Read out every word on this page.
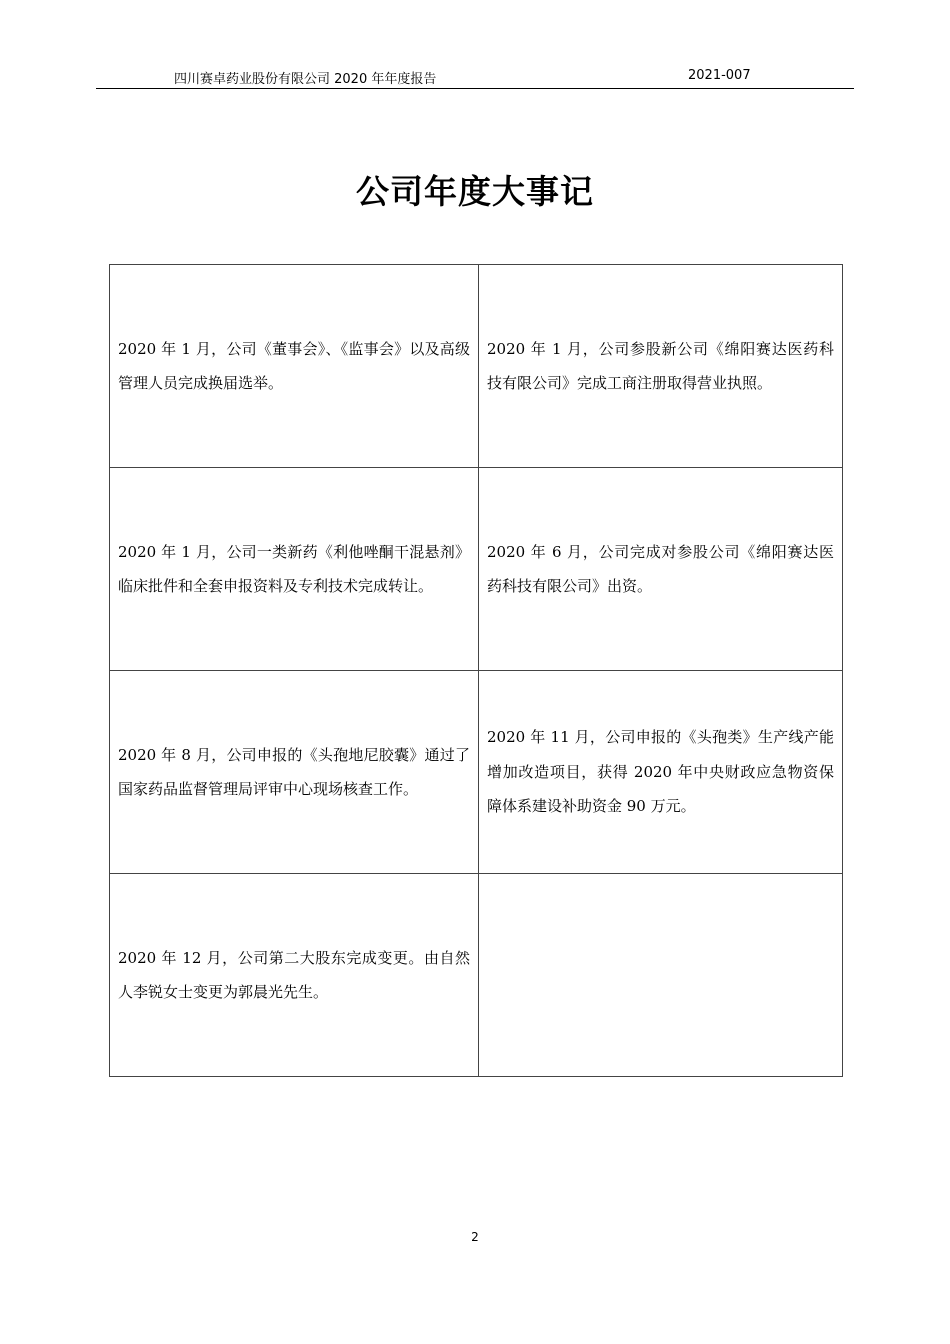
四川赛卓药业股份有限公司 2020 年年度报告	2021-007
公司年度大事记
2020 年 1 月，公司《董事会》、《监事会》以及高级管理人员完成换届选举。	2020 年 1 月，公司参股新公司《绵阳赛达医药科技有限公司》完成工商注册取得营业执照。
2020 年 1 月，公司一类新药《利他唑酮干混悬剂》临床批件和全套申报资料及专利技术完成转让。	2020 年 6 月，公司完成对参股公司《绵阳赛达医药科技有限公司》出资。
2020 年 8 月，公司申报的《头孢地尼胶囊》通过了国家药品监督管理局评审中心现场核查工作。	2020 年 11 月，公司申报的《头孢类》生产线产能增加改造项目，获得 2020 年中央财政应急物资保障体系建设补助资金 90 万元。
2020 年 12 月，公司第二大股东完成变更。由自然人李锐女士变更为郭晨光先生。	
2
